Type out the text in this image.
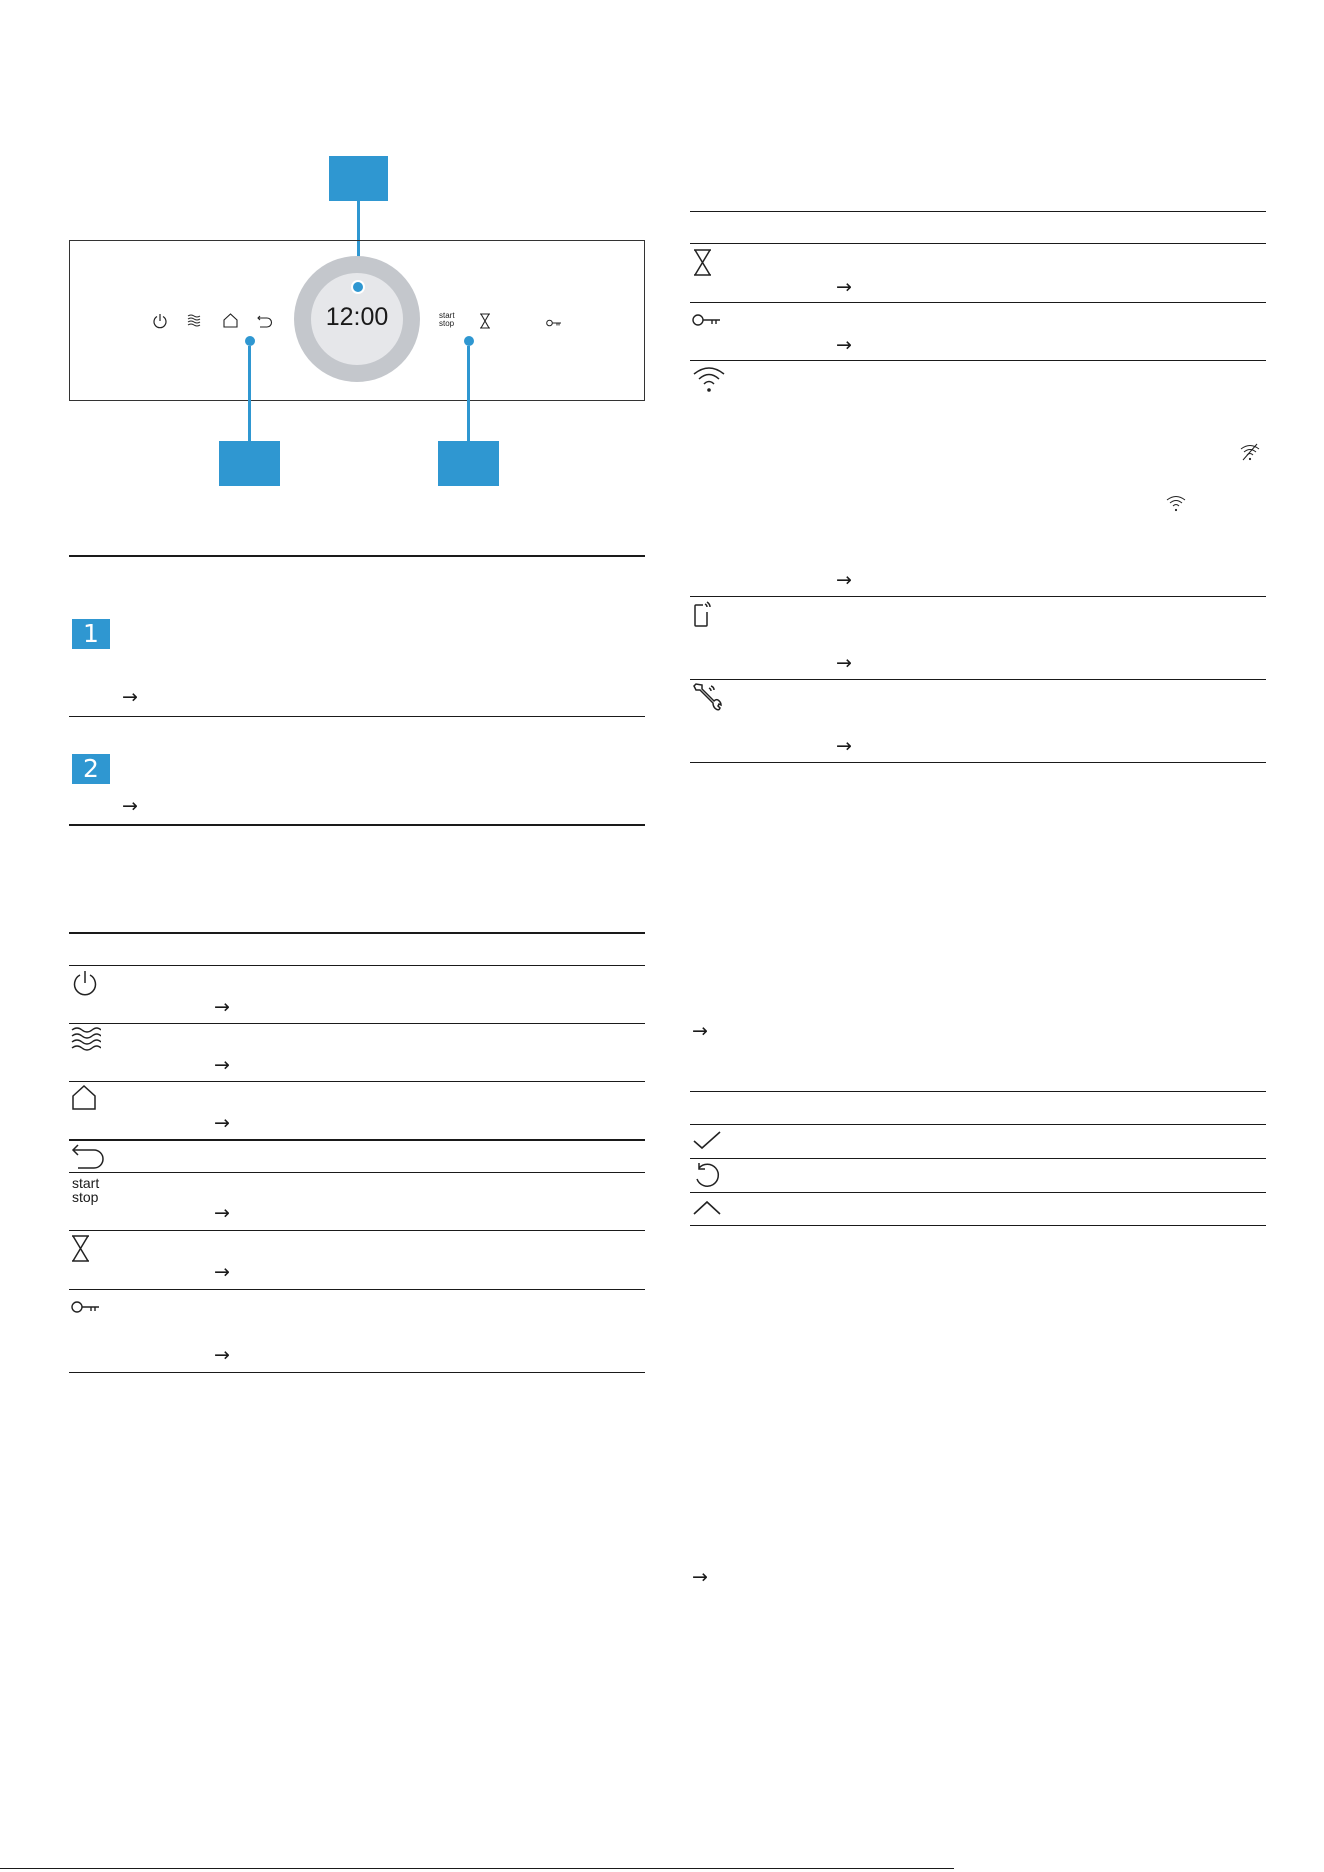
12:00	start
stop
1
→
2
→
→
→
→
start
stop
→
→
→
→
→
→
→
→
→
→
